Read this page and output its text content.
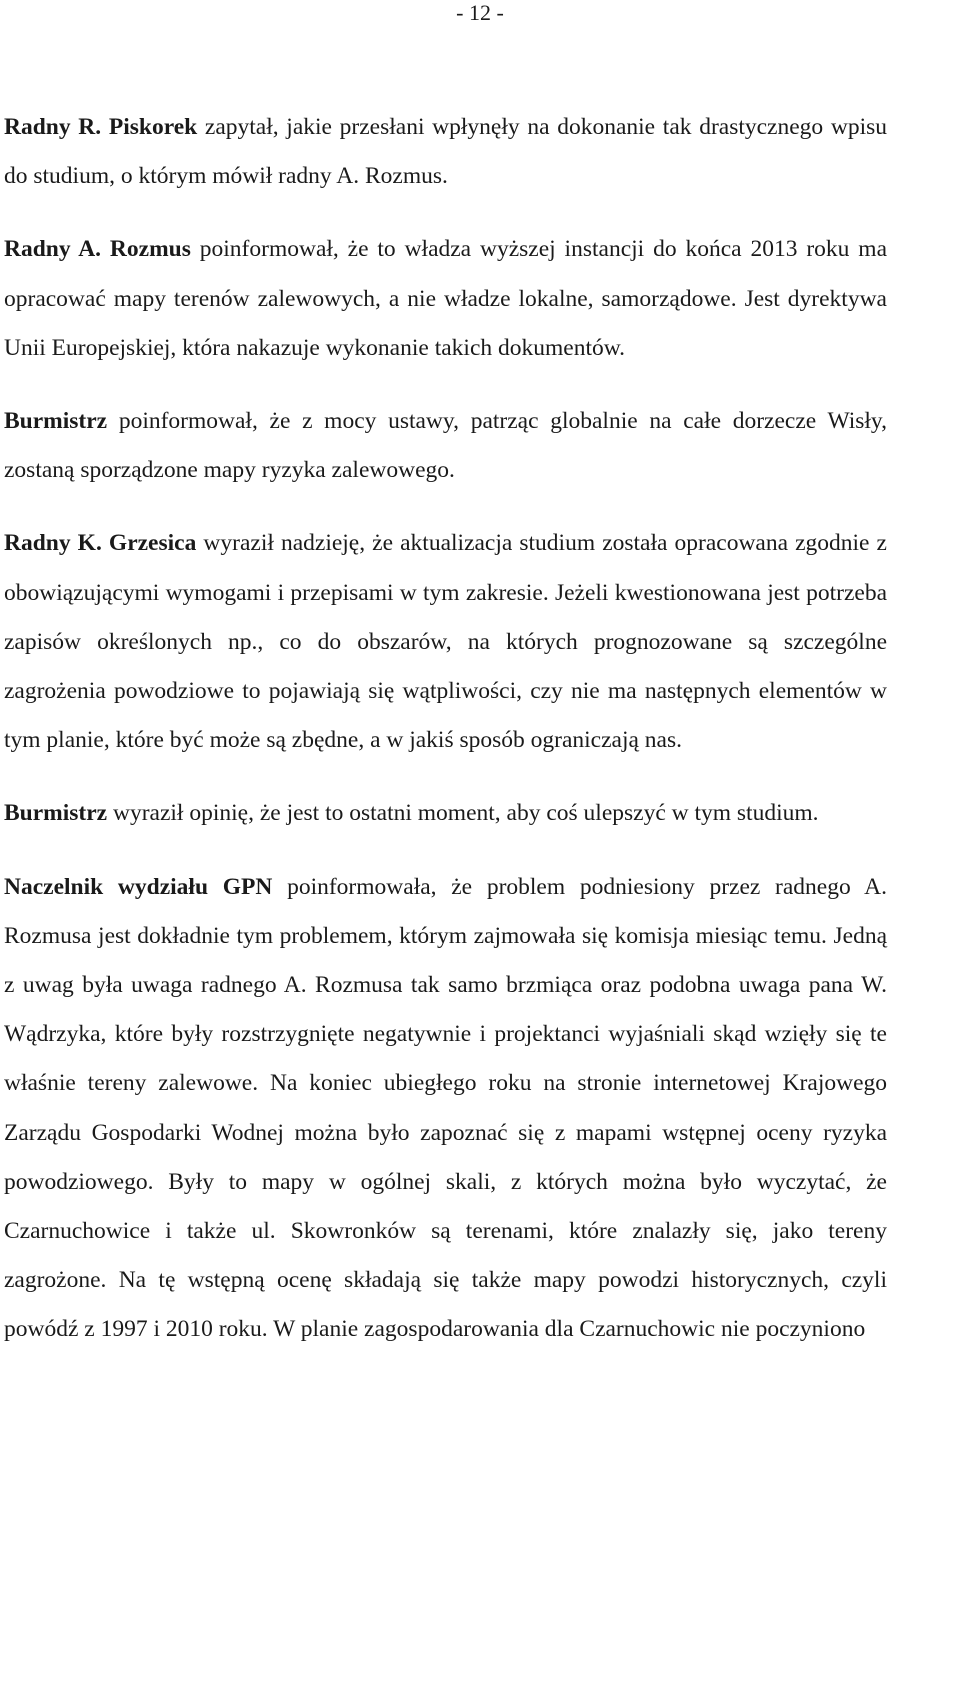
- 12 -

Radny R. Piskorek zapytał, jakie przesłani wpłynęły na dokonanie tak drastycznego wpisu do studium, o którym mówił radny A. Rozmus.

Radny A. Rozmus poinformował, że to władza wyższej instancji do końca 2013 roku ma opracować mapy terenów zalewowych, a nie władze lokalne, samorządowe. Jest dyrektywa Unii Europejskiej, która nakazuje wykonanie takich dokumentów.

Burmistrz poinformował, że z mocy ustawy, patrząc globalnie na całe dorzecze Wisły, zostaną sporządzone mapy ryzyka zalewowego.

Radny K. Grzesica wyraził nadzieję, że aktualizacja studium została opracowana zgodnie z obowiązującymi wymogami i przepisami w tym zakresie. Jeżeli kwestionowana jest potrzeba zapisów określonych np., co do obszarów, na których prognozowane są szczególne zagrożenia powodziowe to pojawiają się wątpliwości, czy nie ma następnych elementów w tym planie, które być może są zbędne, a w jakiś sposób ograniczają nas.

Burmistrz wyraził opinię, że jest to ostatni moment, aby coś ulepszyć w tym studium.

Naczelnik wydziału GPN poinformowała, że problem podniesiony przez radnego A. Rozmusa jest dokładnie tym problemem, którym zajmowała się komisja miesiąc temu. Jedną z uwag była uwaga radnego A. Rozmusa tak samo brzmiąca oraz podobna uwaga pana W. Wądrzyka, które były rozstrzygnięte negatywnie i projektanci wyjaśniali skąd wzięły się te właśnie tereny zalewowe. Na koniec ubiegłego roku na stronie internetowej Krajowego Zarządu Gospodarki Wodnej można było zapoznać się z mapami wstępnej oceny ryzyka powodziowego. Były to mapy w ogólnej skali, z których można było wyczytać, że Czarnuchowice i także ul. Skowronków są terenami, które znalazły się, jako tereny zagrożone. Na tę wstępną ocenę składają się także mapy powodzi historycznych, czyli powódź z 1997 i 2010 roku. W planie zagospodarowania dla Czarnuchowic nie poczyniono
